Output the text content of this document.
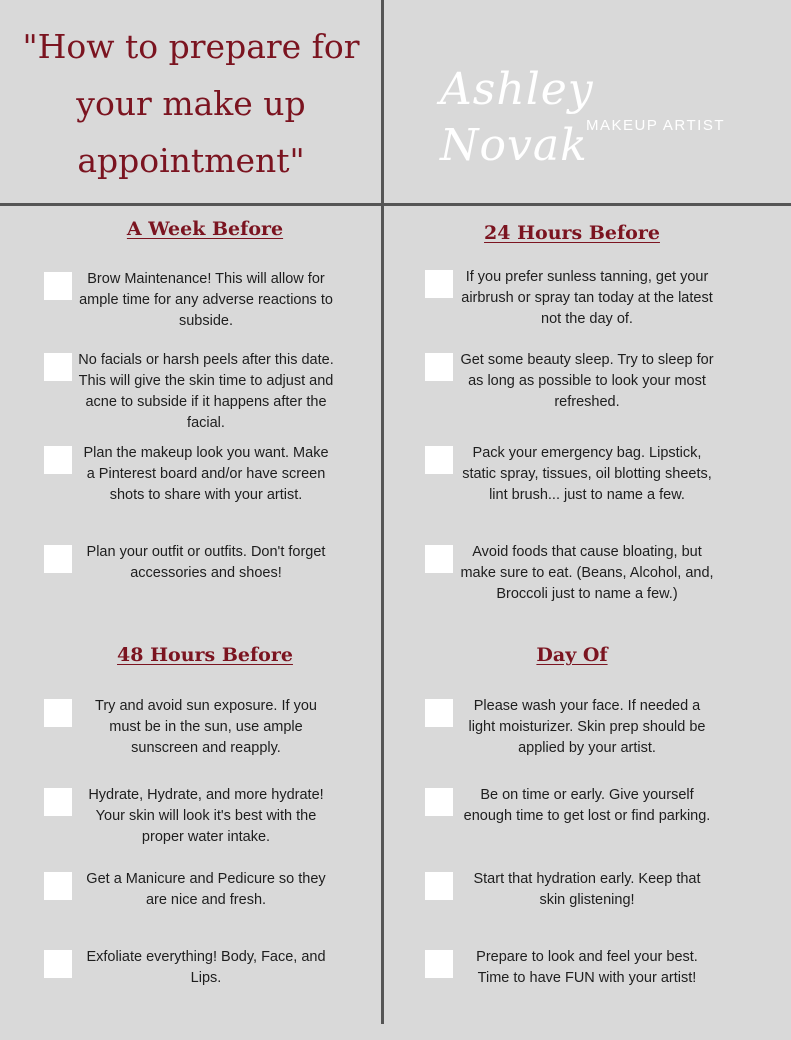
"How to prepare for your make up appointment"
Ashley Novak
MAKEUP ARTIST
A Week Before

Brow Maintenance! This will allow for ample time for any adverse reactions to subside.

No facials or harsh peels after this date. This will give the skin time to adjust and acne to subside if it happens after the facial.

Plan the makeup look you want. Make a Pinterest board and/or have screen shots to share with your artist.

Plan your outfit or outfits. Don't forget accessories and shoes!

24 Hours Before

If you prefer sunless tanning, get your airbrush or spray tan today at the latest not the day of.

Get some beauty sleep. Try to sleep for as long as possible to look your most refreshed.

Pack your emergency bag. Lipstick, static spray, tissues, oil blotting sheets, lint brush... just to name a few.

Avoid foods that cause bloating, but make sure to eat. (Beans, Alcohol, and, Broccoli just to name a few.)

48 Hours Before

Try and avoid sun exposure. If you must be in the sun, use ample sunscreen and reapply.

Hydrate, Hydrate, and more hydrate! Your skin will look it's best with the proper water intake.

Get a Manicure and Pedicure so they are nice and fresh.

Exfoliate everything! Body, Face, and Lips.

Day Of

Please wash your face. If needed a light moisturizer. Skin prep should be applied by your artist.

Be on time or early. Give yourself enough time to get lost or find parking.

Start that hydration early. Keep that skin glistening!

Prepare to look and feel your best. Time to have FUN with your artist!
